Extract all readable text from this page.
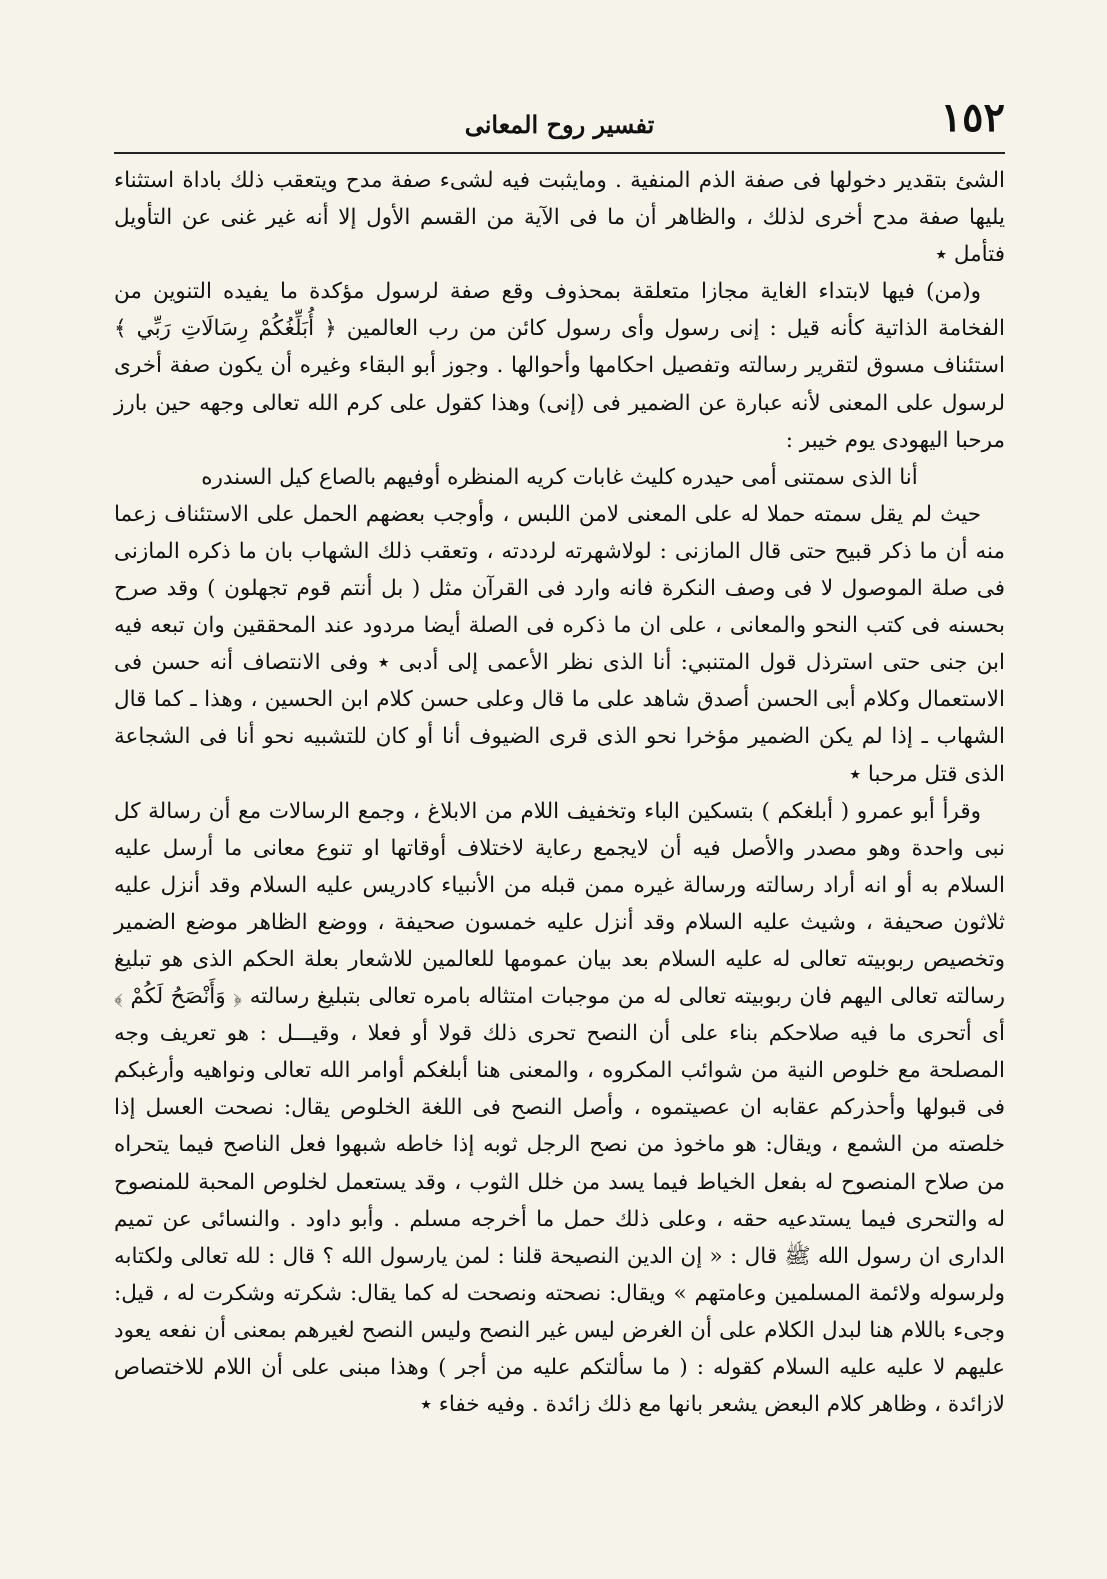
١٥٢
تفسير روح المعانى

الشئ بتقدير دخولها فى صفة الذم المنفية . ومايثبت فيه لشىء صفة مدح ويتعقب ذلك باداة استثناء يليها صفة مدح أخرى لذلك ، والظاهر أن ما فى الآية من القسم الأول إلا أنه غير غنى عن التأويل فتأمل ٭

و(من) فيها لابتداء الغاية مجازا متعلقة بمحذوف وقع صفة لرسول مؤكدة ما يفيده التنوين من الفخامة الذاتية كأنه قيل : إنى رسول وأى رسول كائن من رب العالمين ﴿ أُبَلِّغُكُمْ رِسَالَاتِ رَبِّي ﴾ استئناف مسوق لتقرير رسالته وتفصيل احكامها وأحوالها . وجوز أبو البقاء وغيره أن يكون صفة أخرى لرسول على المعنى لأنه عبارة عن الضمير فى (إنى) وهذا كقول على كرم الله تعالى وجهه حين بارز مرحبا اليهودى يوم خيبر :

أنا الذى سمتنى أمى حيدره كليث غابات كريه المنظره أوفيهم بالصاع كيل السندره

حيث لم يقل سمته حملا له على المعنى لامن اللبس ، وأوجب بعضهم الحمل على الاستئناف زعما منه أن ما ذكر قبيح حتى قال المازنى : لولاشهرته لرددته ، وتعقب ذلك الشهاب بان ما ذكره المازنى فى صلة الموصول لا فى وصف النكرة فانه وارد فى القرآن مثل ( بل أنتم قوم تجهلون ) وقد صرح بحسنه فى كتب النحو والمعانى ، على ان ما ذكره فى الصلة أيضا مردود عند المحققين وان تبعه فيه ابن جنى حتى استرذل قول المتنبي: أنا الذى نظر الأعمى إلى أدبى ٭ وفى الانتصاف أنه حسن فى الاستعمال وكلام أبى الحسن أصدق شاهد على ما قال وعلى حسن كلام ابن الحسين ، وهذا ـ كما قال الشهاب ـ إذا لم يكن الضمير مؤخرا نحو الذى قرى الضيوف أنا أو كان للتشبيه نحو أنا فى الشجاعة الذى قتل مرحبا ٭

وقرأ أبو عمرو ( أبلغكم ) بتسكين الباء وتخفيف اللام من الابلاغ ، وجمع الرسالات مع أن رسالة كل نبى واحدة وهو مصدر والأصل فيه أن لايجمع رعاية لاختلاف أوقاتها او تنوع معانى ما أرسل عليه السلام به أو انه أراد رسالته ورسالة غيره ممن قبله من الأنبياء كادريس عليه السلام وقد أنزل عليه ثلاثون صحيفة ، وشيث عليه السلام وقد أنزل عليه خمسون صحيفة ، ووضع الظاهر موضع الضمير وتخصيص ربوبيته تعالى له عليه السلام بعد بيان عمومها للعالمين للاشعار بعلة الحكم الذى هو تبليغ رسالته تعالى اليهم فان ربوبيته تعالى له من موجبات امتثاله بامره تعالى بتبليغ رسالته ﴿ وَأَنْصَحُ لَكُمْ ﴾ أى أتحرى ما فيه صلاحكم بناء على أن النصح تحرى ذلك قولا أو فعلا ، وقيـــل : هو تعريف وجه المصلحة مع خلوص النية من شوائب المكروه ، والمعنى هنا أبلغكم أوامر الله تعالى ونواهيه وأرغبكم فى قبولها وأحذركم عقابه ان عصيتموه ، وأصل النصح فى اللغة الخلوص يقال: نصحت العسل إذا خلصته من الشمع ، ويقال: هو ماخوذ من نصح الرجل ثوبه إذا خاطه شبهوا فعل الناصح فيما يتحراه من صلاح المنصوح له بفعل الخياط فيما يسد من خلل الثوب ، وقد يستعمل لخلوص المحبة للمنصوح له والتحرى فيما يستدعيه حقه ، وعلى ذلك حمل ما أخرجه مسلم . وأبو داود . والنسائى عن تميم الدارى ان رسول الله ﷺ قال : « إن الدين النصيحة قلنا : لمن يارسول الله ؟ قال : لله تعالى ولكتابه ولرسوله ولائمة المسلمين وعامتهم » ويقال: نصحته ونصحت له كما يقال: شكرته وشكرت له ، قيل: وجىء باللام هنا لبدل الكلام على أن الغرض ليس غير النصح وليس النصح لغيرهم بمعنى أن نفعه يعود عليهم لا عليه عليه السلام كقوله : ( ما سألتكم عليه من أجر ) وهذا مبنى على أن اللام للاختصاص لازائدة ، وظاهر كلام البعض يشعر بانها مع ذلك زائدة . وفيه خفاء ٭
